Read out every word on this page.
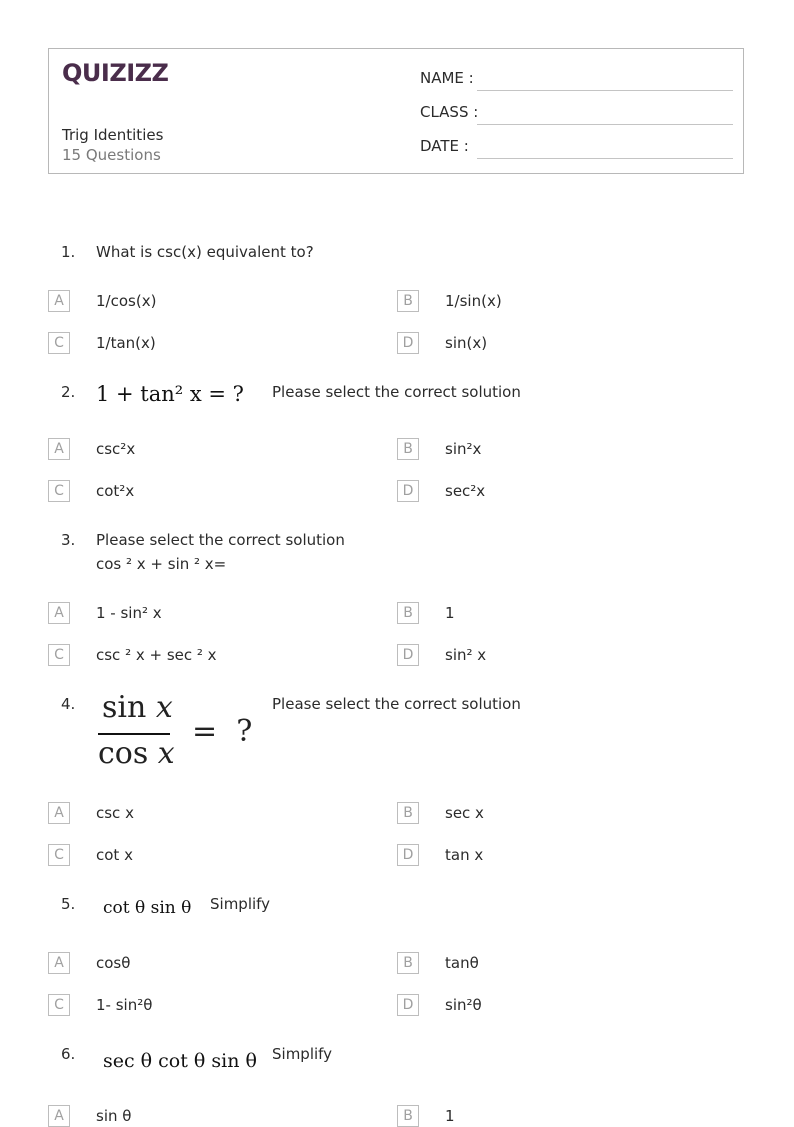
QUIZIZZ
Trig Identities
15 Questions
NAME :
CLASS :
DATE :
1. What is csc(x) equivalent to?
A	1/cos(x)	B	1/sin(x)
C	1/tan(x)	D	sin(x)
2. 1 + tan² x = ? Please select the correct solution
A	csc²x	B	sin²x
C	cot²x	D	sec²x
3. Please select the correct solution
cos ² x + sin ² x=
A	1 - sin² x	B	1
C	csc ² x + sec ² x	D	sin² x
4. sin x
cos x
=  ?
Please select the correct solution
A	csc x	B	sec x
C	cot x	D	tan x
5. cot θ sin θ Simplify
A	cosθ	B	tanθ
C	1- sin²θ	D	sin²θ
6. sec θ cot θ sin θ Simplify
A	sin θ	B	1
